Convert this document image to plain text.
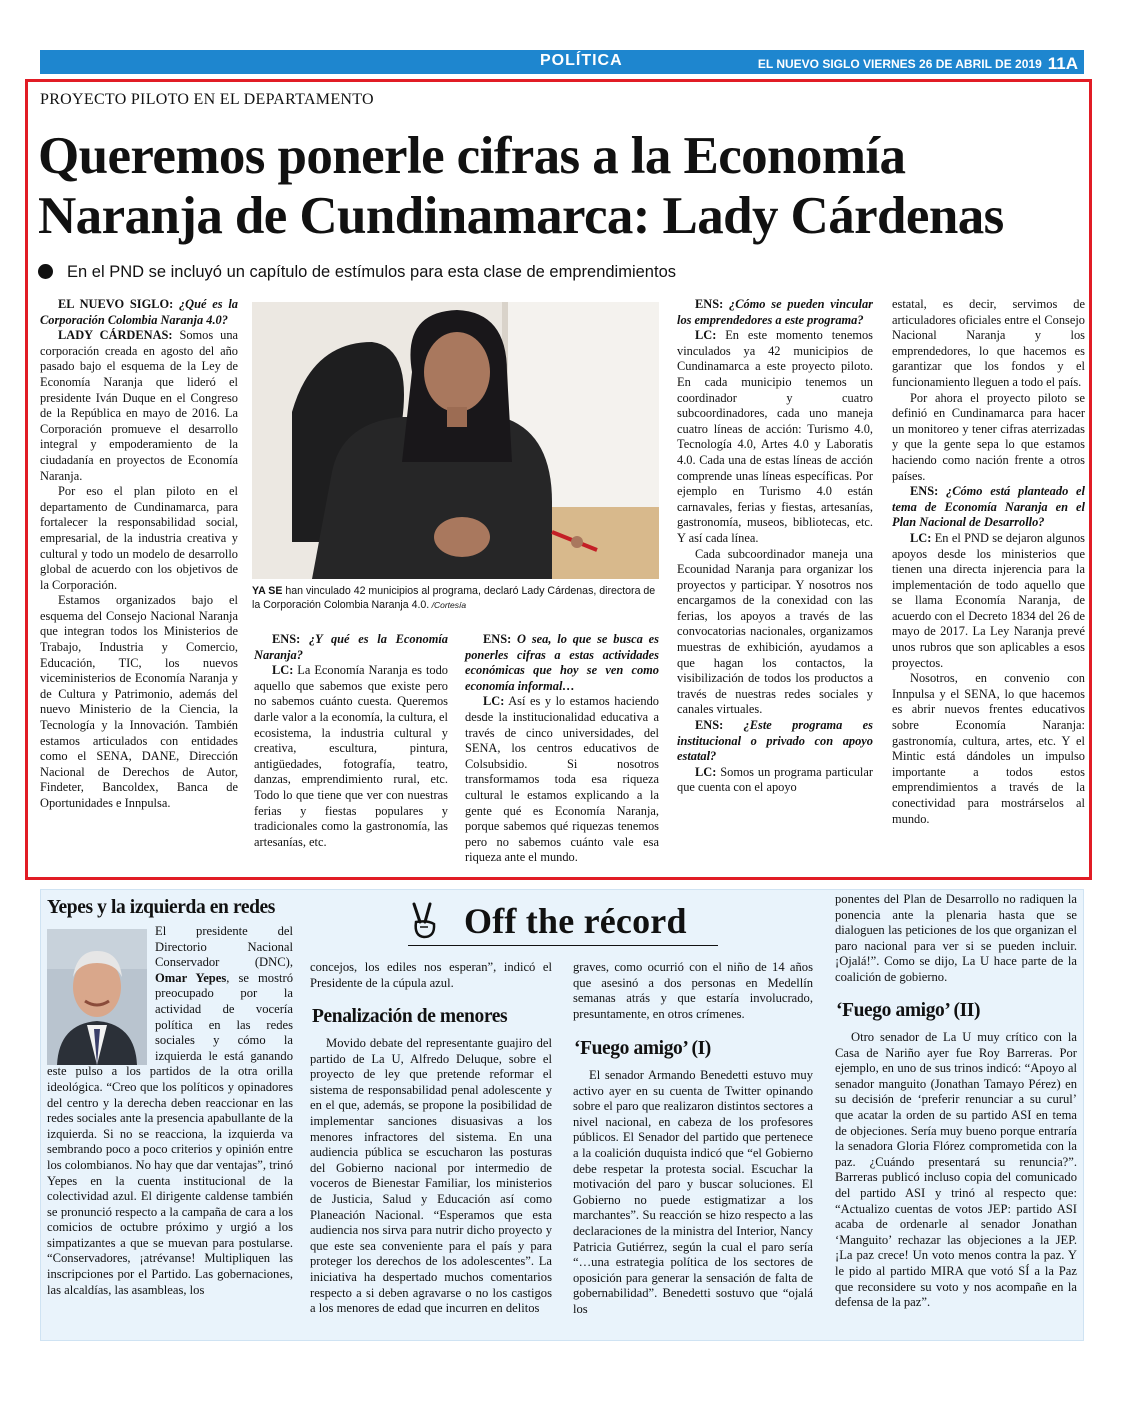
POLÍTICA	EL NUEVO SIGLO VIERNES 26 DE ABRIL DE 2019 11A
PROYECTO PILOTO EN EL DEPARTAMENTO
Queremos ponerle cifras a la Economía
Naranja de Cundinamarca: Lady Cárdenas
En el PND se incluyó un capítulo de estímulos para esta clase de emprendimientos

EL NUEVO SIGLO: ¿Qué es la Corporación Colombia Naranja 4.0?

LADY CÁRDENAS: Somos una corporación creada en agosto del año pasado bajo el esquema de la Ley de Economía Naranja que lideró el presidente Iván Duque en el Congreso de la República en mayo de 2016. La Corporación promueve el desarrollo integral y empoderamiento de la ciudadanía en proyectos de Economía Naranja.

Por eso el plan piloto en el departamento de Cundinamarca, para fortalecer la responsabilidad social, empresarial, de la industria creativa y cultural y todo un modelo de desarrollo global de acuerdo con los objetivos de la Corporación.

Estamos organizados bajo el esquema del Consejo Nacional Naranja que integran todos los Ministerios de Trabajo, Industria y Comercio, Educación, TIC, los nuevos viceministerios de Economía Naranja y de Cultura y Patrimonio, además del nuevo Ministerio de la Ciencia, la Tecnología y la Innovación. También estamos articulados con entidades como el SENA, DANE, Dirección Nacional de Derechos de Autor, Findeter, Bancoldex, Banca de Oportunidades e Innpulsa.

YA SE han vinculado 42 municipios al programa, declaró Lady Cárdenas, directora de la Corporación Colombia Naranja 4.0. /Cortesía

ENS: ¿Y qué es la Economía Naranja?

LC: La Economía Naranja es todo aquello que sabemos que existe pero no sabemos cuánto cuesta. Queremos darle valor a la economía, la cultura, el ecosistema, la industria cultural y creativa, escultura, pintura, antigüedades, fotografía, teatro, danzas, emprendimiento rural, etc. Todo lo que tiene que ver con nuestras ferias y fiestas populares y tradicionales como la gastronomía, las artesanías, etc.

ENS: O sea, lo que se busca es ponerles cifras a estas actividades económicas que hoy se ven como economía informal…

LC: Así es y lo estamos haciendo desde la institucionalidad educativa a través de cinco universidades, del SENA, los centros educativos de Colsubsidio. Si nosotros transformamos toda esa riqueza cultural le estamos explicando a la gente qué es Economía Naranja, porque sabemos qué riquezas tenemos pero no sabemos cuánto vale esa riqueza ante el mundo.

ENS: ¿Cómo se pueden vincular los emprendedores a este programa?

LC: En este momento tenemos vinculados ya 42 municipios de Cundinamarca a este proyecto piloto. En cada municipio tenemos un coordinador y cuatro subcoordinadores, cada uno maneja cuatro líneas de acción: Turismo 4.0, Tecnología 4.0, Artes 4.0 y Laboratis 4.0. Cada una de estas líneas de acción comprende unas líneas específicas. Por ejemplo en Turismo 4.0 están carnavales, ferias y fiestas, artesanías, gastronomía, museos, bibliotecas, etc. Y así cada línea.

Cada subcoordinador maneja una Ecounidad Naranja para organizar los proyectos y participar. Y nosotros nos encargamos de la conexidad con las ferias, los apoyos a través de las convocatorias nacionales, organizamos muestras de exhibición, ayudamos a que hagan los contactos, la visibilización de todos los productos a través de nuestras redes sociales y canales virtuales.

ENS: ¿Este programa es institucional o privado con apoyo estatal?

LC: Somos un programa particular que cuenta con el apoyo

estatal, es decir, servimos de articuladores oficiales entre el Consejo Nacional Naranja y los emprendedores, lo que hacemos es garantizar que los fondos y el funcionamiento lleguen a todo el país.

Por ahora el proyecto piloto se definió en Cundinamarca para hacer un monitoreo y tener cifras aterrizadas y que la gente sepa lo que estamos haciendo como nación frente a otros países.

ENS: ¿Cómo está planteado el tema de Economía Naranja en el Plan Nacional de Desarrollo?

LC: En el PND se dejaron algunos apoyos desde los ministerios que tienen una directa injerencia para la implementación de todo aquello que se llama Economía Naranja, de acuerdo con el Decreto 1834 del 26 de mayo de 2017. La Ley Naranja prevé unos rubros que son aplicables a esos proyectos.

Nosotros, en convenio con Innpulsa y el SENA, lo que hacemos es abrir nuevos frentes educativos sobre Economía Naranja: gastronomía, cultura, artes, etc. Y el Mintic está dándoles un impulso importante a todos estos emprendimientos a través de la conectividad para mostrárselos al mundo.

Off the récord
Yepes y la izquierda en redes

El presidente del Directorio Nacional Conservador (DNC), Omar Yepes, se mostró preocupado por la actividad de vocería política en las redes sociales y cómo la izquierda le está ganando este pulso a los partidos de la otra orilla ideológica. “Creo que los políticos y opinadores del centro y la derecha deben reaccionar en las redes sociales ante la presencia apabullante de la izquierda. Si no se reacciona, la izquierda va sembrando poco a poco criterios y opinión entre los colombianos. No hay que dar ventajas”, trinó Yepes en la cuenta institucional de la colectividad azul. El dirigente caldense también se pronunció respecto a la campaña de cara a los comicios de octubre próximo y urgió a los simpatizantes a que se muevan para postularse. “Conservadores, ¡atrévanse! Multipliquen las inscripciones por el Partido. Las gobernaciones, las alcaldías, las asambleas, los

concejos, los ediles nos esperan”, indicó el Presidente de la cúpula azul.

Penalización de menores

Movido debate del representante guajiro del partido de La U, Alfredo Deluque, sobre el proyecto de ley que pretende reformar el sistema de responsabilidad penal adolescente y en el que, además, se propone la posibilidad de implementar sanciones disuasivas a los menores infractores del sistema. En una audiencia pública se escucharon las posturas del Gobierno nacional por intermedio de voceros de Bienestar Familiar, los ministerios de Justicia, Salud y Educación así como Planeación Nacional. “Esperamos que esta audiencia nos sirva para nutrir dicho proyecto y que este sea conveniente para el país y para proteger los derechos de los adolescentes”. La iniciativa ha despertado muchos comentarios respecto a si deben agravarse o no los castigos a los menores de edad que incurren en delitos

graves, como ocurrió con el niño de 14 años que asesinó a dos personas en Medellín semanas atrás y que estaría involucrado, presuntamente, en otros crímenes.

‘Fuego amigo’ (I)

El senador Armando Benedetti estuvo muy activo ayer en su cuenta de Twitter opinando sobre el paro que realizaron distintos sectores a nivel nacional, en cabeza de los profesores públicos. El Senador del partido que pertenece a la coalición duquista indicó que “el Gobierno debe respetar la protesta social. Escuchar la motivación del paro y buscar soluciones. El Gobierno no puede estigmatizar a los marchantes”. Su reacción se hizo respecto a las declaraciones de la ministra del Interior, Nancy Patricia Gutiérrez, según la cual el paro sería “…una estrategia política de los sectores de oposición para generar la sensación de falta de gobernabilidad”. Benedetti sostuvo que “ojalá los

ponentes del Plan de Desarrollo no radiquen la ponencia ante la plenaria hasta que se dialoguen las peticiones de los que organizan el paro nacional para ver si se pueden incluir. ¡Ojalá!”. Como se dijo, La U hace parte de la coalición de gobierno.

‘Fuego amigo’ (II)

Otro senador de La U muy crítico con la Casa de Nariño ayer fue Roy Barreras. Por ejemplo, en uno de sus trinos indicó: “Apoyo al senador manguito (Jonathan Tamayo Pérez) en su decisión de ‘preferir renunciar a su curul’ que acatar la orden de su partido ASI en tema de objeciones. Sería muy bueno porque entraría la senadora Gloria Flórez comprometida con la paz. ¿Cuándo presentará su renuncia?”. Barreras publicó incluso copia del comunicado del partido ASI y trinó al respecto que: “Actualizo cuentas de votos JEP: partido ASI acaba de ordenarle al senador Jonathan ‘Manguito’ rechazar las objeciones a la JEP. ¡La paz crece! Un voto menos contra la paz. Y le pido al partido MIRA que votó SÍ a la Paz que reconsidere su voto y nos acompañe en la defensa de la paz”.
